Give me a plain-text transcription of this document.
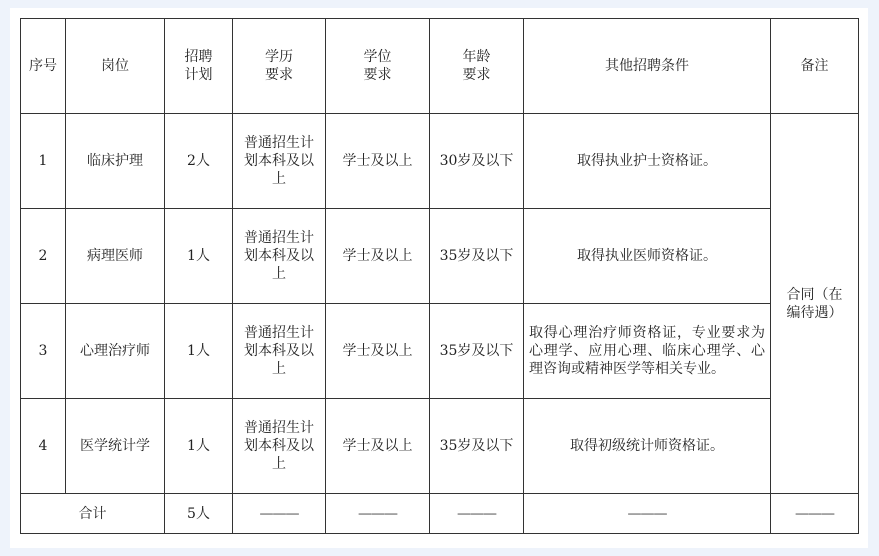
序号	岗位	招聘计划	学历要求	学位要求	年龄要求	其他招聘条件	备注
1	临床护理	2人	普通招生计划本科及以上	学士及以上	30岁及以下	取得执业护士资格证。	合同（在编待遇）
2	病理医师	1人	普通招生计划本科及以上	学士及以上	35岁及以下	取得执业医师资格证。	
3	心理治疗师	1人	普通招生计划本科及以上	学士及以上	35岁及以下	取得心理治疗师资格证，专业要求为心理学、应用心理、临床心理学、心理咨询或精神医学等相关专业。	
4	医学统计学	1人	普通招生计划本科及以上	学士及以上	35岁及以下	取得初级统计师资格证。	
合计		5人	———	———	———	———	———
